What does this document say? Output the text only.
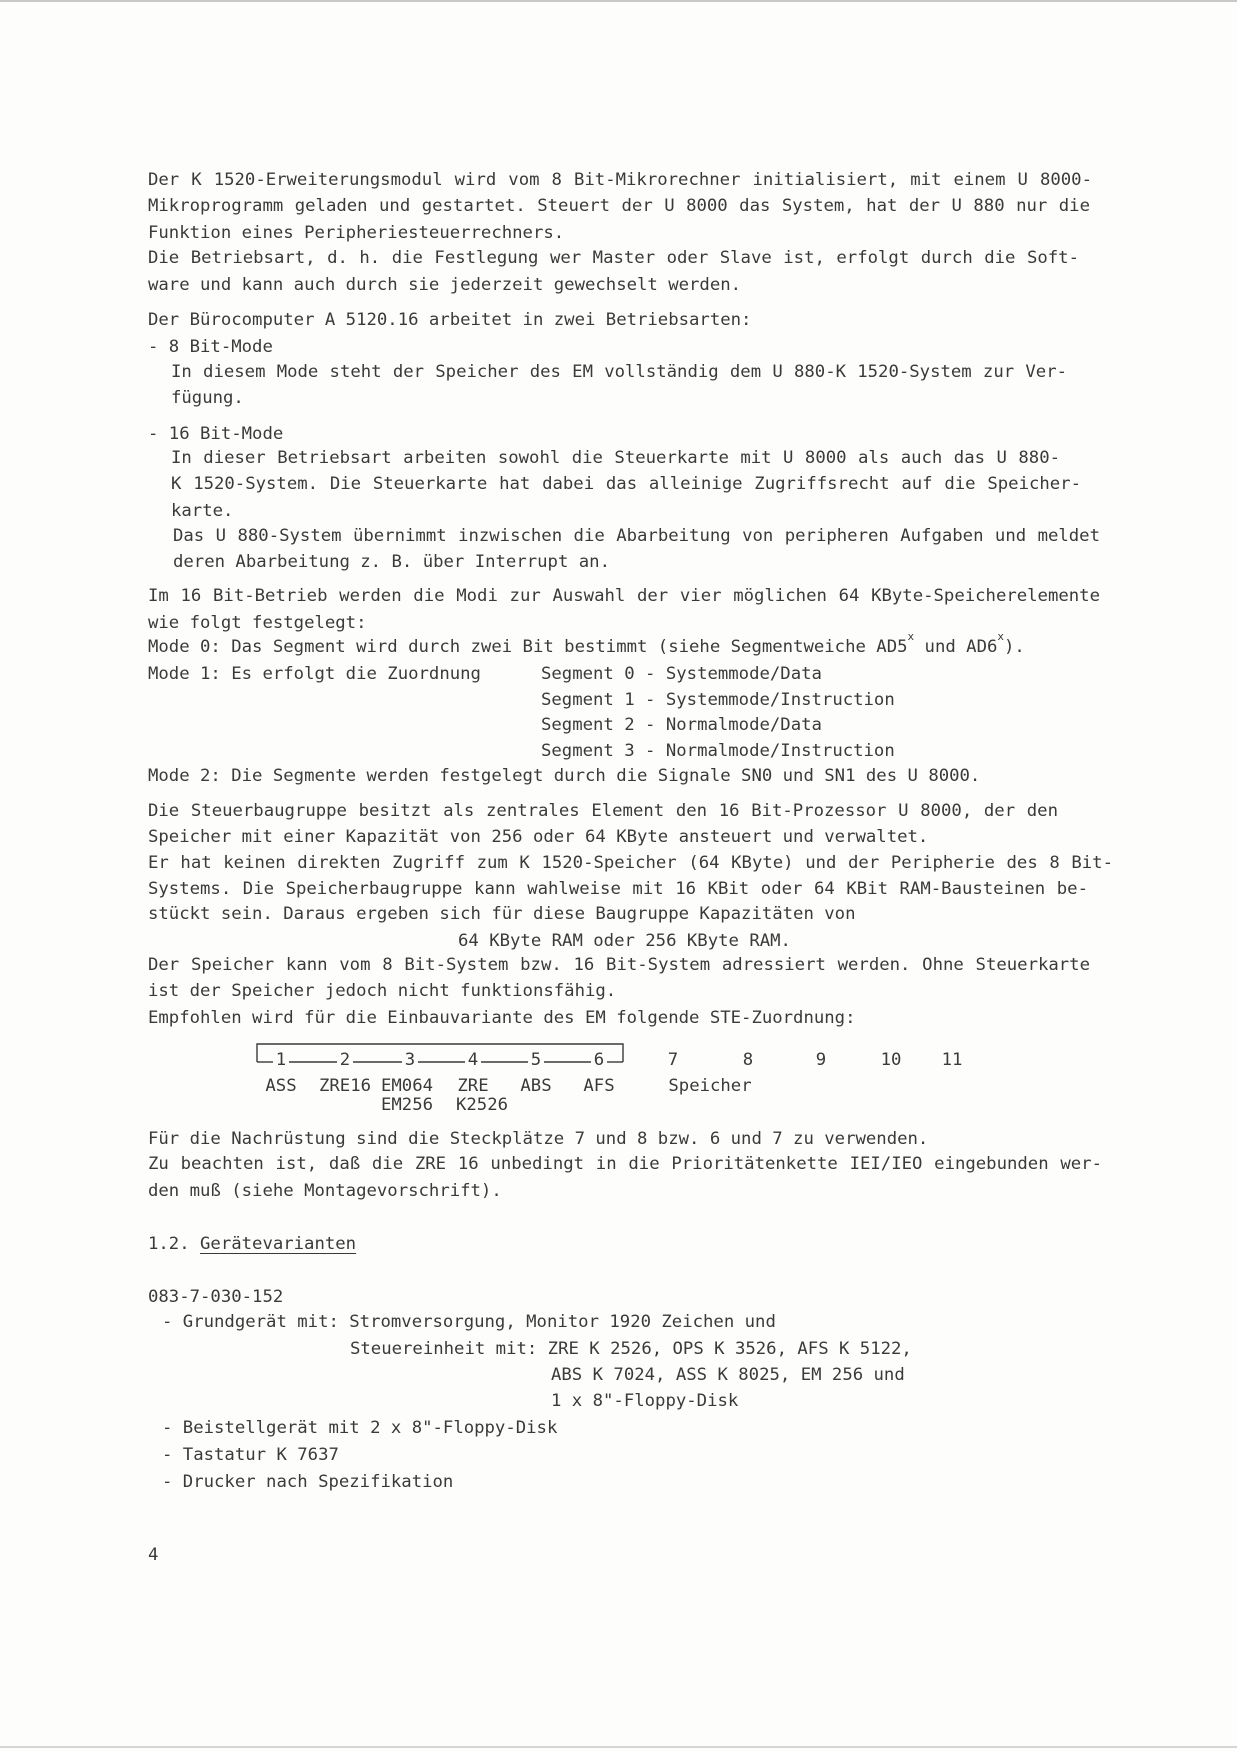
Der K 1520-Erweiterungsmodul wird vom 8 Bit-Mikrorechner initialisiert, mit einem U 8000-
Mikroprogramm geladen und gestartet. Steuert der U 8000 das System, hat der U 880 nur die
Funktion eines Peripheriesteuerrechners.
Die Betriebsart, d. h. die Festlegung wer Master oder Slave ist, erfolgt durch die Soft-
ware und kann auch durch sie jederzeit gewechselt werden.
Der Bürocomputer A 5120.16 arbeitet in zwei Betriebsarten:
- 8 Bit-Mode
In diesem Mode steht der Speicher des EM vollständig dem U 880-K 1520-System zur Ver-
fügung.
- 16 Bit-Mode
In dieser Betriebsart arbeiten sowohl die Steuerkarte mit U 8000 als auch das U 880-
K 1520-System. Die Steuerkarte hat dabei das alleinige Zugriffsrecht auf die Speicher-
karte.
Das U 880-System übernimmt inzwischen die Abarbeitung von peripheren Aufgaben und meldet
deren Abarbeitung z. B. über Interrupt an.
Im 16 Bit-Betrieb werden die Modi zur Auswahl der vier möglichen 64 KByte-Speicherelemente
wie folgt festgelegt:
Mode 0: Das Segment wird durch zwei Bit bestimmt (siehe Segmentweiche AD5$^x$ und AD6$^x$).
Mode 1: Es erfolgt die Zuordnung	Segment 0 - Systemmode/Data
Segment 1 - Systemmode/Instruction
Segment 2 - Normalmode/Data
Segment 3 - Normalmode/Instruction
Mode 2: Die Segmente werden festgelegt durch die Signale SN0 und SN1 des U 8000.
Die Steuerbaugruppe besitzt als zentrales Element den 16 Bit-Prozessor U 8000, der den
Speicher mit einer Kapazität von 256 oder 64 KByte ansteuert und verwaltet.
Er hat keinen direkten Zugriff zum K 1520-Speicher (64 KByte) und der Peripherie des 8 Bit-
Systems. Die Speicherbaugruppe kann wahlweise mit 16 KBit oder 64 KBit RAM-Bausteinen be-
stückt sein. Daraus ergeben sich für diese Baugruppe Kapazitäten von
64 KByte RAM oder 256 KByte RAM.
Der Speicher kann vom 8 Bit-System bzw. 16 Bit-System adressiert werden. Ohne Steuerkarte
ist der Speicher jedoch nicht funktionsfähig.
Empfohlen wird für die Einbauvariante des EM folgende STE-Zuordnung:
1	2	3	4	5	6	7	8	9	10 11
ASS ZRE16 EM064 ZRE ABS AFS	Speicher
EM256 K2526
Für die Nachrüstung sind die Steckplätze 7 und 8 bzw. 6 und 7 zu verwenden.
Zu beachten ist, daß die ZRE 16 unbedingt in die Prioritätenkette IEI/IEO eingebunden wer-
den muß (siehe Montagevorschrift).
1.2. Gerätevarianten
083-7-030-152
- Grundgerät mit: Stromversorgung, Monitor 1920 Zeichen und
Steuereinheit mit: ZRE K 2526, OPS K 3526, AFS K 5122,
ABS K 7024, ASS K 8025, EM 256 und
1 x 8"-Floppy-Disk
- Beistellgerät mit 2 x 8"-Floppy-Disk
- Tastatur K 7637
- Drucker nach Spezifikation
4
